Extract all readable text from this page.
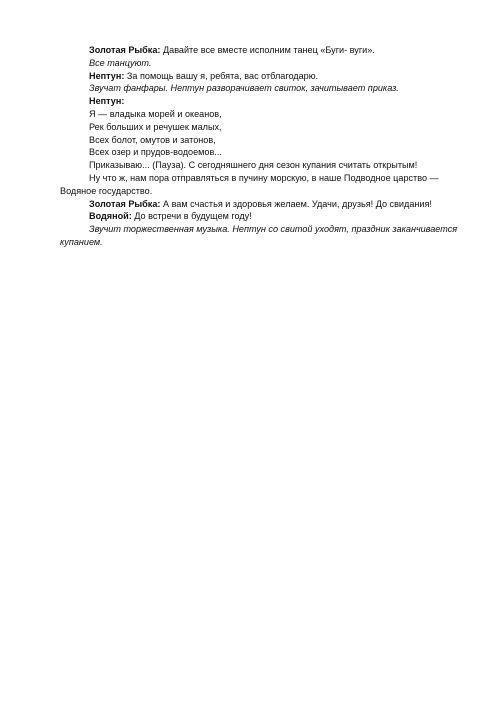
Золотая Рыбка: Давайте все вместе исполним танец «Буги- вуги».

Все танцуют.

Нептун: За помощь вашу я, ребята, вас отблагодарю.

Звучат фанфары. Нептун разворачивает свиток, зачитывает приказ.

Нептун:

Я — владыка морей и океанов,

Рек больших и речушек малых,

Всех болот, омутов и затонов,

Всех озер и прудов-водоемов...

Приказываю... (Пауза). С сегодняшнего дня сезон купания считать открытым!

Ну что ж, нам пора отправляться в пучину морскую, в наше Подводное царство — Водяное государство.

Золотая Рыбка: А вам счастья и здоровья желаем. Удачи, друзья! До свидания!

Водяной: До встречи в будущем году!

Звучит торжественная музыка. Нептун со свитой уходят, праздник заканчивается купанием.
